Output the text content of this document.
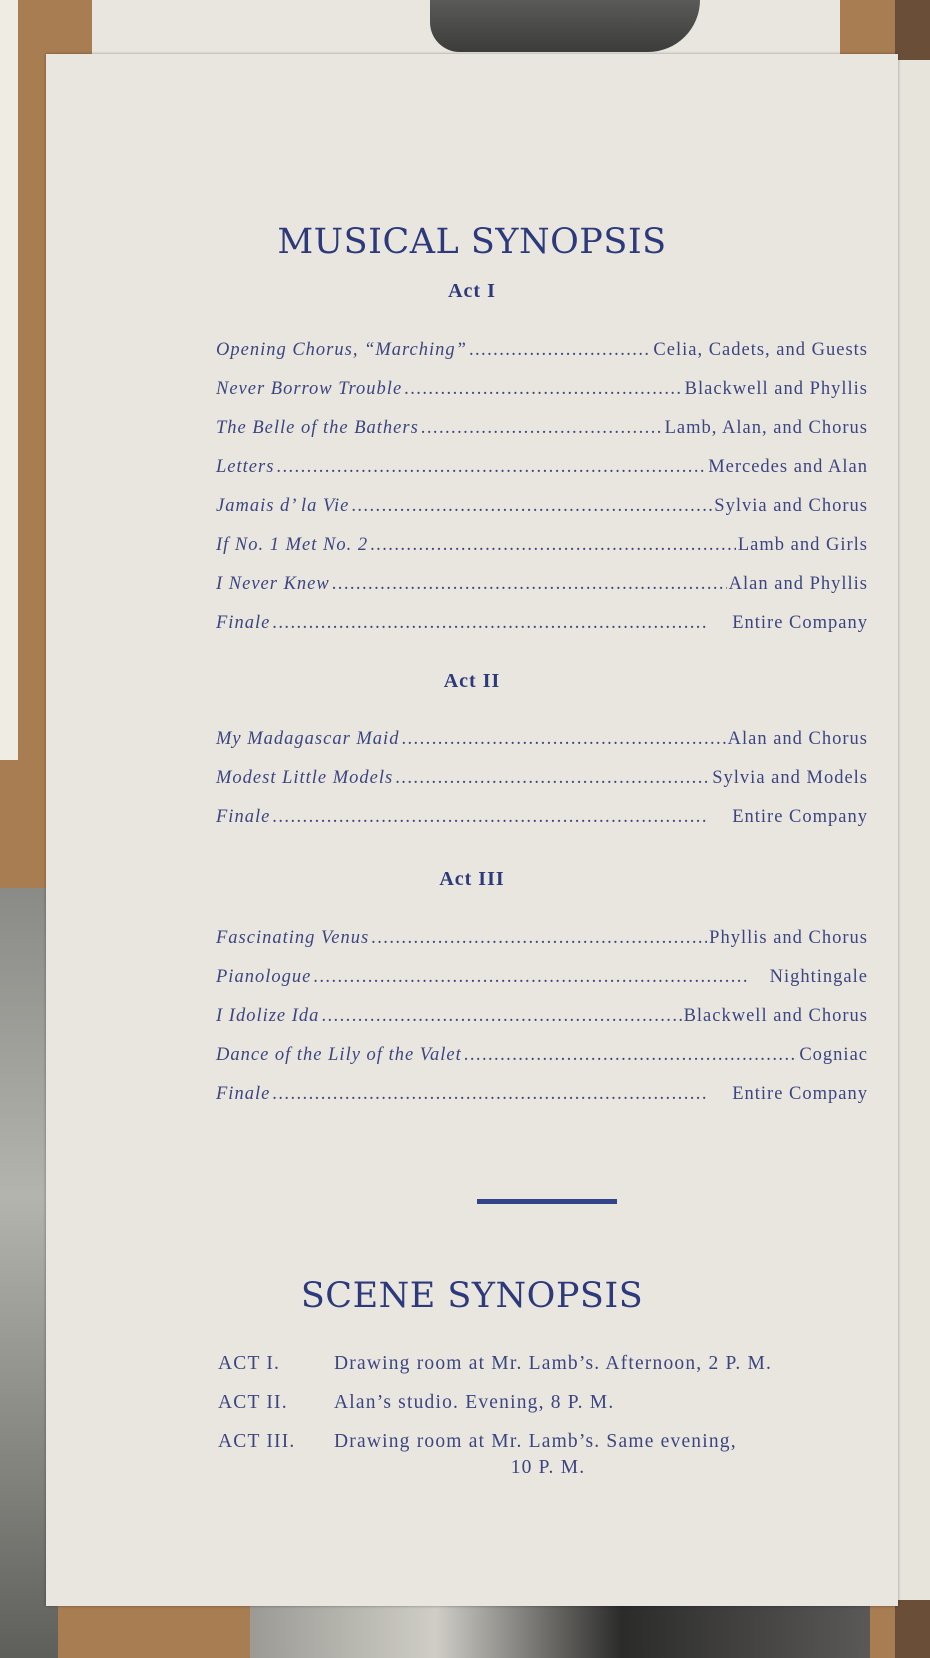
MUSICAL SYNOPSIS
Act I
Opening Chorus, “Marching” . . .	Celia, Cadets, and Guests
Never Borrow Trouble . . .	Blackwell and Phyllis
The Belle of the Bathers . . .	Lamb, Alan, and Chorus
Letters . . .	Mercedes and Alan
Jamais d’ la Vie . . .	Sylvia and Chorus
If No. 1 Met No. 2 . . .	Lamb and Girls
I Never Knew . . .	Alan and Phyllis
Finale . . .	Entire Company
Act II
My Madagascar Maid . . .	Alan and Chorus
Modest Little Models . . .	Sylvia and Models
Finale . . .	Entire Company
Act III
Fascinating Venus . . .	Phyllis and Chorus
Pianologue . . .	Nightingale
I Idolize Ida . . .	Blackwell and Chorus
Dance of the Lily of the Valet . . .	Cogniac
Finale . . .	Entire Company
SCENE SYNOPSIS
ACT I.	Drawing room at Mr. Lamb’s. Afternoon, 2 P. M.
ACT II. Alan’s studio. Evening, 8 P. M.
ACT III. Drawing room at Mr. Lamb’s. Same evening,
10 P. M.
